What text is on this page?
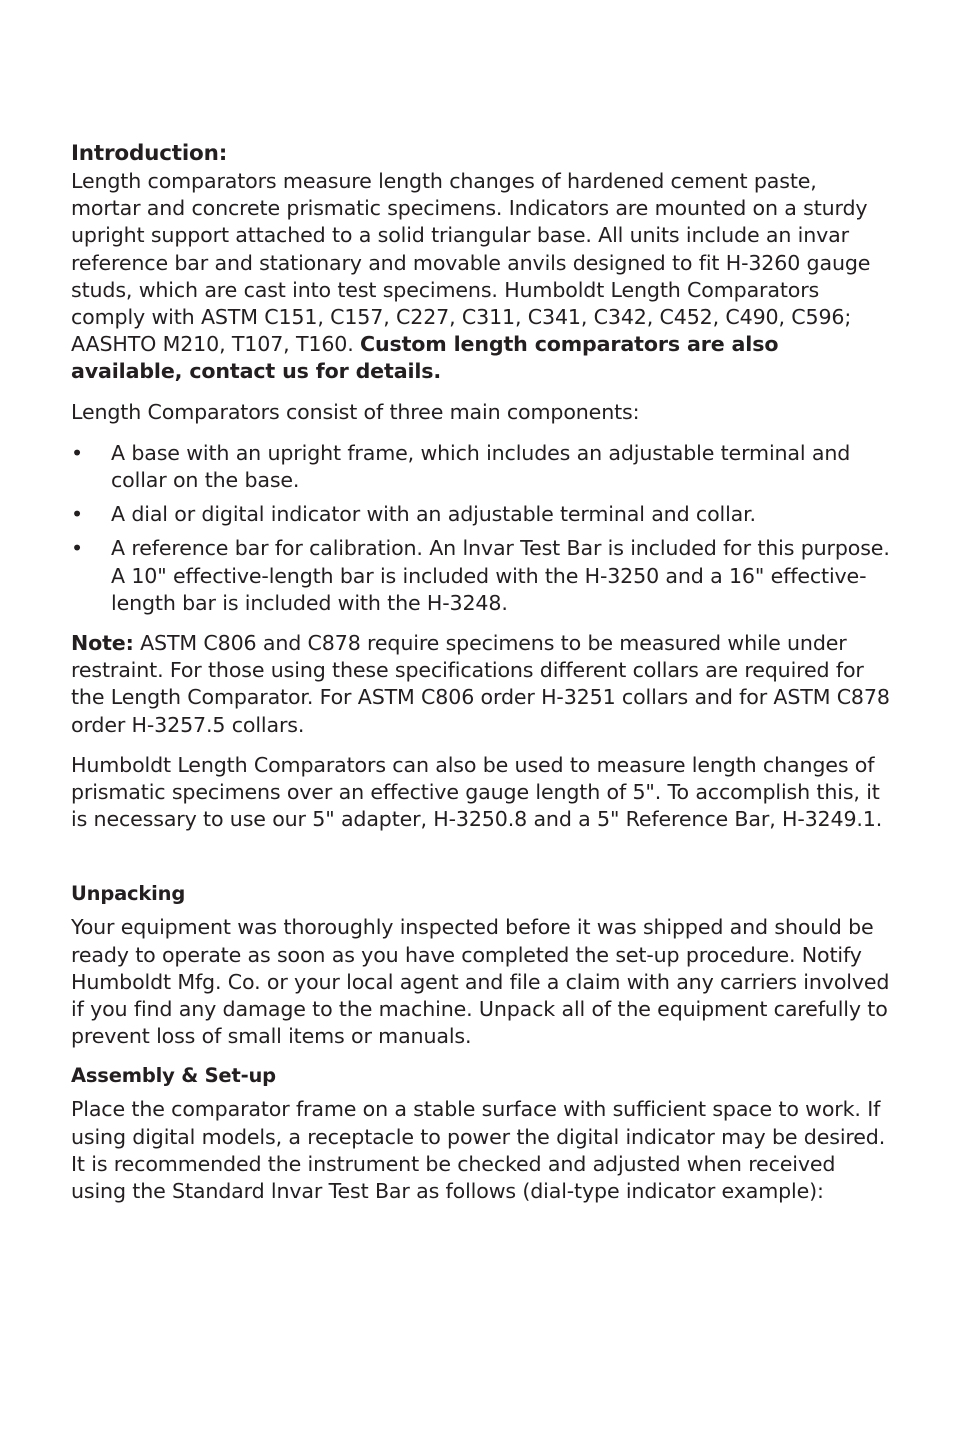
Introduction:

Length comparators measure length changes of hardened cement paste, mortar and concrete prismatic specimens. Indicators are mounted on a sturdy upright support attached to a solid triangular base. All units include an invar reference bar and stationary and movable anvils designed to fit H-3260 gauge studs, which are cast into test specimens. Humboldt Length Comparators comply with ASTM C151, C157, C227, C311, C341, C342, C452, C490, C596; AASHTO M210, T107, T160. Custom length comparators are also available, contact us for details.

Length Comparators consist of three main components:

• A base with an upright frame, which includes an adjustable terminal and collar on the base.
• A dial or digital indicator with an adjustable terminal and collar.
• A reference bar for calibration. An lnvar Test Bar is included for this purpose. A 10" effective-length bar is included with the H-3250 and a 16" effective-length bar is included with the H-3248.

Note: ASTM C806 and C878 require specimens to be measured while under restraint. For those using these specifications different collars are required for the Length Comparator. For ASTM C806 order H-3251 collars and for ASTM C878 order H-3257.5 collars.

Humboldt Length Comparators can also be used to measure length changes of prismatic specimens over an effective gauge length of 5". To accomplish this, it is necessary to use our 5" adapter, H-3250.8 and a 5" Reference Bar, H-3249.1.

Unpacking

Your equipment was thoroughly inspected before it was shipped and should be ready to operate as soon as you have completed the set-up procedure. Notify Humboldt Mfg. Co. or your local agent and file a claim with any carriers involved if you find any damage to the machine. Unpack all of the equipment carefully to prevent loss of small items or manuals.

Assembly & Set-up

Place the comparator frame on a stable surface with sufficient space to work. If using digital models, a receptacle to power the digital indicator may be desired. It is recommended the instrument be checked and adjusted when received using the Standard lnvar Test Bar as follows (dial-type indicator example):
